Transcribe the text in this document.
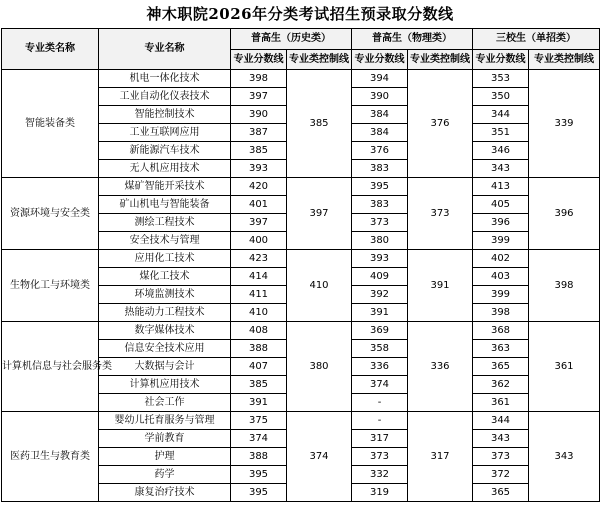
神木职院2026年分类考试招生预录取分数线
专业类名称	专业名称	普高生（历史类）		普高生（物理类）		三校生（单招类）	
		专业分数线	专业类控制线	专业分数线	专业类控制线	专业分数线	专业类控制线
智能装备类	机电一体化技术	398	385	394	376	353	339
	工业自动化仪表技术	397		390		350	
	智能控制技术	390		384		344	
	工业互联网应用	387		384		351	
	新能源汽车技术	385		376		346	
	无人机应用技术	393		383		343	
资源环境与安全类	煤矿智能开采技术	420	397	395	373	413	396
	矿山机电与智能装备	401		383		405	
	测绘工程技术	397		373		396	
	安全技术与管理	400		380		399	
生物化工与环境类	应用化工技术	423	410	393	391	402	398
	煤化工技术	414		409		403	
	环境监测技术	411		392		399	
	热能动力工程技术	410		391		398	
计算机信息与社会服务类	数字媒体技术	408	380	369	336	368	361
	信息安全技术应用	388		358		363	
	大数据与会计	407		336		365	
	计算机应用技术	385		374		362	
	社会工作	391		-		361	
医药卫生与教育类	婴幼儿托育服务与管理	375	374	-	317	344	343
	学前教育	374		317		343	
	护理	388		373		373	
	药学	395		332		372	
	康复治疗技术	395		319		365	
